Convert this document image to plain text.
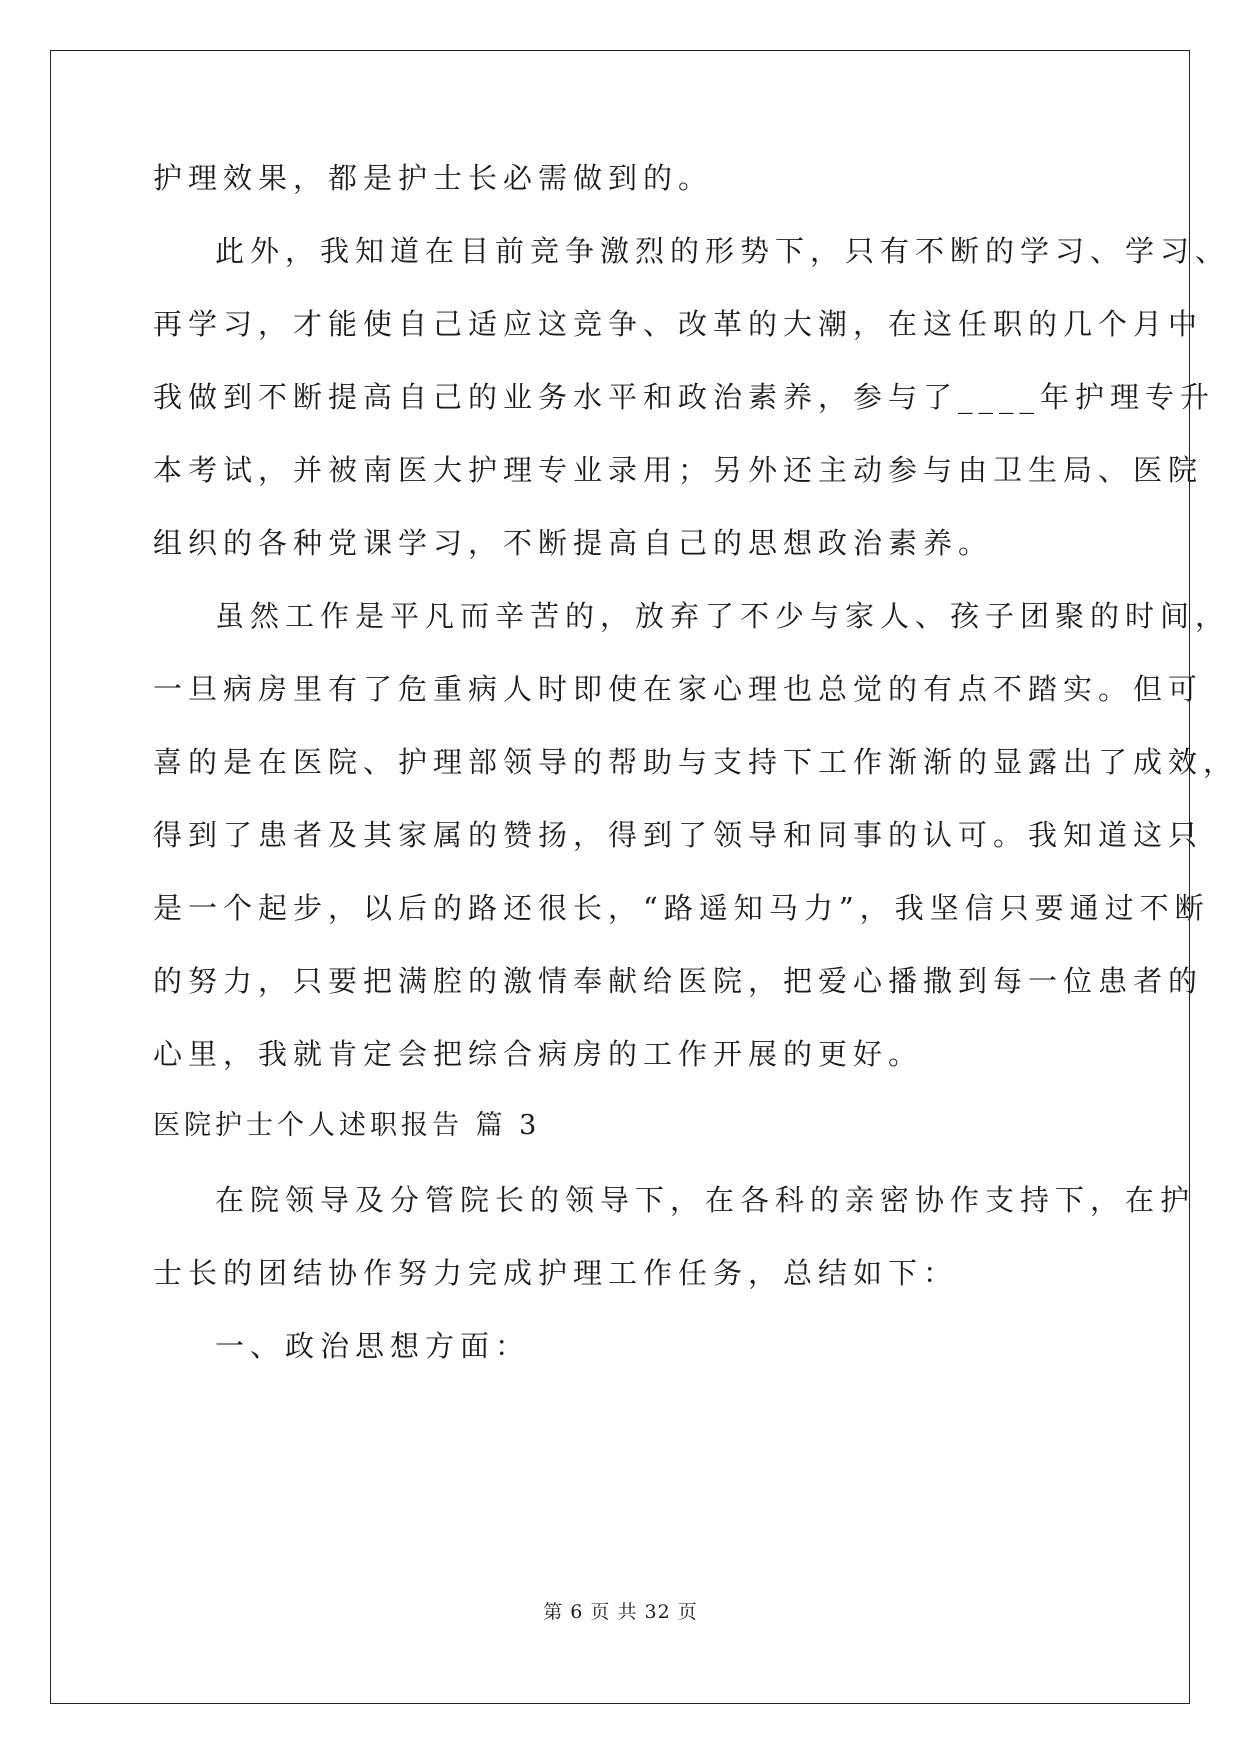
护理效果，都是护士长必需做到的。
此外，我知道在目前竞争激烈的形势下，只有不断的学习、学习、
再学习，才能使自己适应这竞争、改革的大潮，在这任职的几个月中
我做到不断提高自己的业务水平和政治素养，参与了____年护理专升
本考试，并被南医大护理专业录用；另外还主动参与由卫生局、医院
组织的各种党课学习，不断提高自己的思想政治素养。
虽然工作是平凡而辛苦的，放弃了不少与家人、孩子团聚的时间，
一旦病房里有了危重病人时即使在家心理也总觉的有点不踏实。但可
喜的是在医院、护理部领导的帮助与支持下工作渐渐的显露出了成效，
得到了患者及其家属的赞扬，得到了领导和同事的认可。我知道这只
是一个起步，以后的路还很长，“路遥知马力”，我坚信只要通过不断
的努力，只要把满腔的激情奉献给医院，把爱心播撒到每一位患者的
心里，我就肯定会把综合病房的工作开展的更好。
医院护士个人述职报告 篇 3
在院领导及分管院长的领导下，在各科的亲密协作支持下，在护
士长的团结协作努力完成护理工作任务，总结如下：
一、政治思想方面：
第 6 页 共 32 页
